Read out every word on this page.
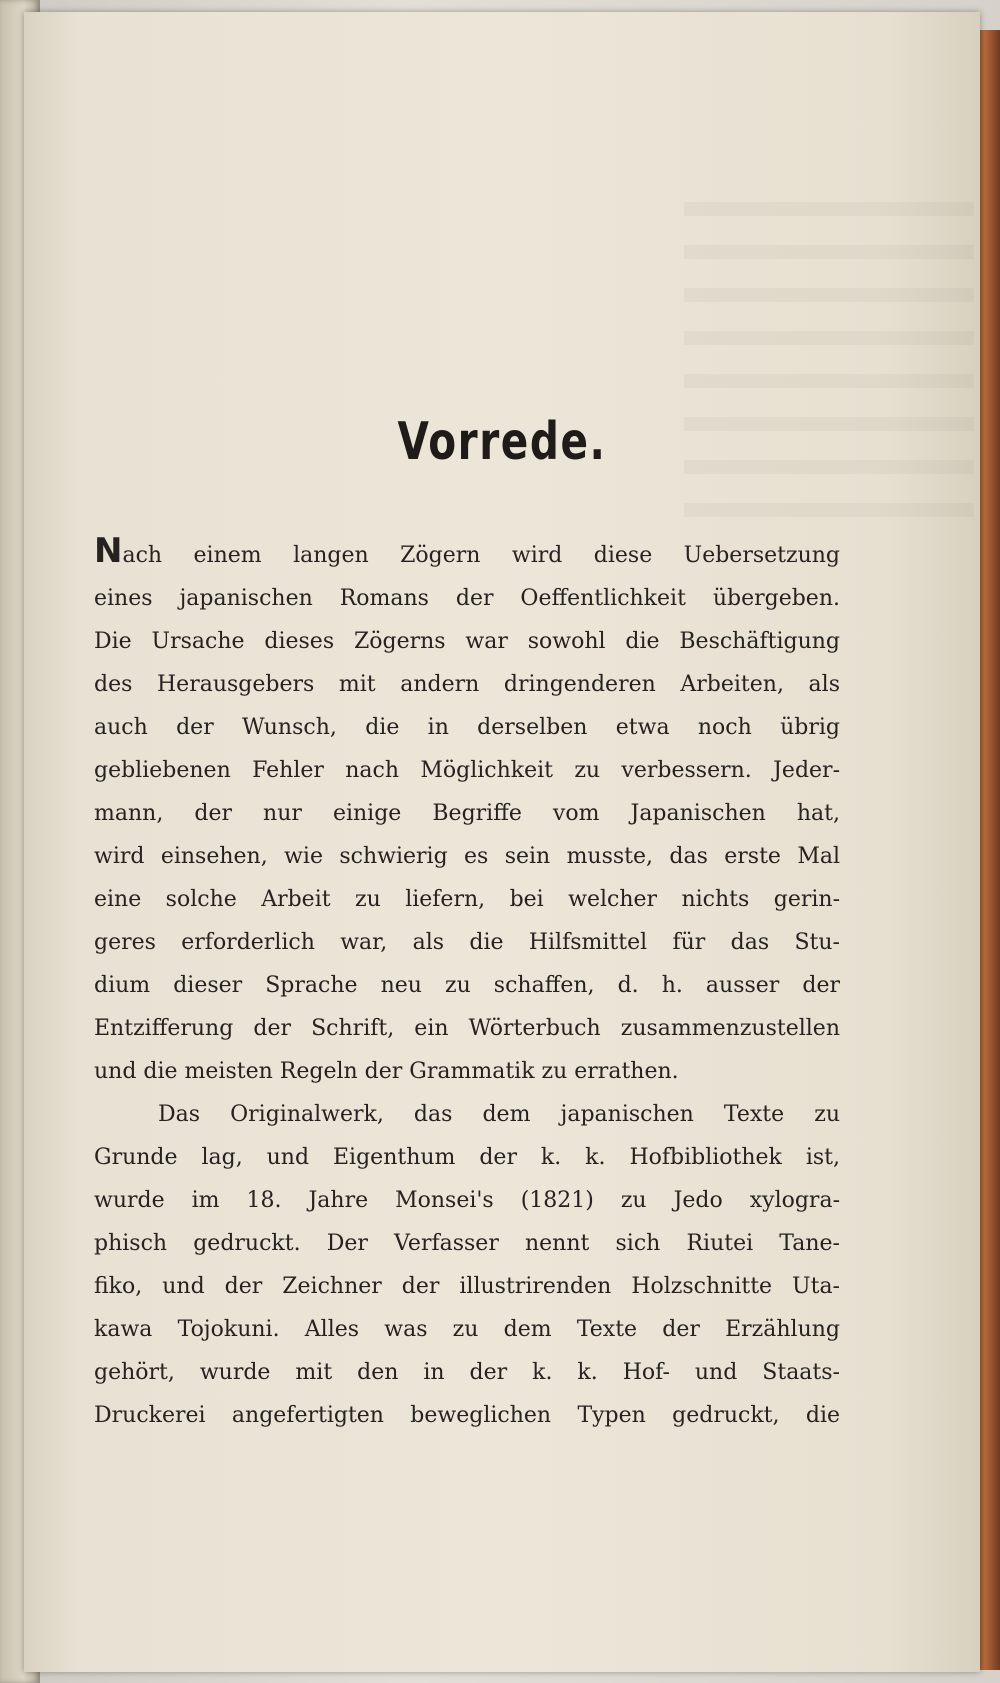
Vorrede.

Nach einem langen Zögern wird diese Uebersetzung

eines japanischen Romans der Oeffentlichkeit übergeben.

Die Ursache dieses Zögerns war sowohl die Beschäftigung

des Herausgebers mit andern dringenderen Arbeiten, als

auch der Wunsch, die in derselben etwa noch übrig

gebliebenen Fehler nach Möglichkeit zu verbessern. Jeder-

mann, der nur einige Begriffe vom Japanischen hat,

wird einsehen, wie schwierig es sein musste, das erste Mal

eine solche Arbeit zu liefern, bei welcher nichts gerin-

geres erforderlich war, als die Hilfsmittel für das Stu-

dium dieser Sprache neu zu schaffen, d. h. ausser der

Entzifferung der Schrift, ein Wörterbuch zusammenzustellen

und die meisten Regeln der Grammatik zu errathen.

Das Originalwerk, das dem japanischen Texte zu

Grunde lag, und Eigenthum der k. k. Hofbibliothek ist,

wurde im 18. Jahre Monsei's (1821) zu Jedo xylogra-

phisch gedruckt. Der Verfasser nennt sich Riutei Tane-

fiko, und der Zeichner der illustrirenden Holzschnitte Uta-

kawa Tojokuni. Alles was zu dem Texte der Erzählung

gehört, wurde mit den in der k. k. Hof- und Staats-

Druckerei angefertigten beweglichen Typen gedruckt, die
